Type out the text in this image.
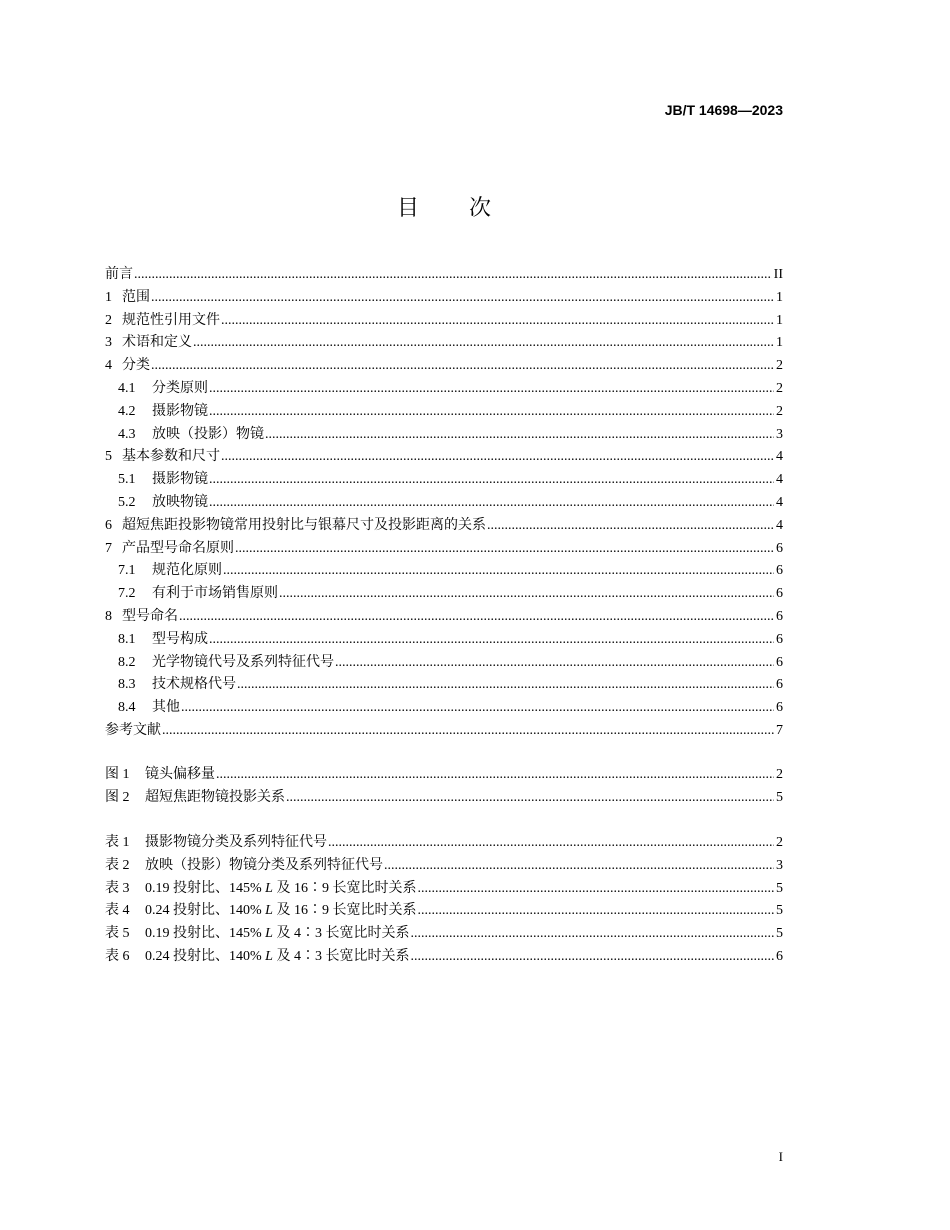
JB/T 14698—2023
目　次
前言 .....	II
1 范围 .....	1
2 规范性引用文件 .....	1
3 术语和定义 .....	1
4 分类 .....	2
4.1	分类原则 .....	2
4.2	摄影物镜 .....	2
4.3	放映（投影）物镜 .....	3
5 基本参数和尺寸 .....	4
5.1	摄影物镜 .....	4
5.2	放映物镜 .....	4
6 超短焦距投影物镜常用投射比与银幕尺寸及投影距离的关系 .....	4
7 产品型号命名原则 .....	6
7.1	规范化原则 .....	6
7.2	有利于市场销售原则 .....	6
8 型号命名 .....	6
8.1	型号构成 .....	6
8.2	光学物镜代号及系列特征代号 .....	6
8.3	技术规格代号 .....	6
8.4	其他 .....	6
参考文献 .....	7
图 1	镜头偏移量 .....	2
图 2	超短焦距物镜投影关系 .....	5
表 1	摄影物镜分类及系列特征代号 .....	2
表 2	放映（投影）物镜分类及系列特征代号 .....	3
表 3	0.19 投射比、145% L 及 16∶9 长宽比时关系 .....	5
表 4	0.24 投射比、140% L 及 16∶9 长宽比时关系 .....	5
表 5	0.19 投射比、145% L 及 4∶3 长宽比时关系 .....	5
表 6	0.24 投射比、140% L 及 4∶3 长宽比时关系 .....	6
I
